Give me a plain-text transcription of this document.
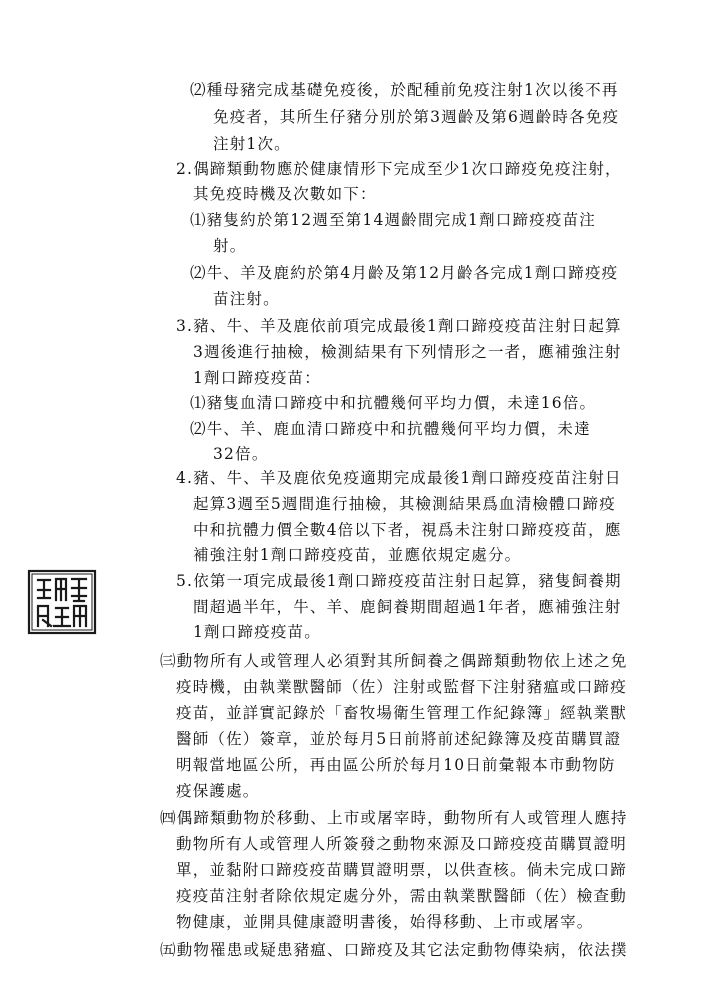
⑵種母豬完成基礎免疫後，於配種前免疫注射1次以後不再
免疫者，其所生仔豬分別於第3週齡及第6週齡時各免疫
注射1次。
2.偶蹄類動物應於健康情形下完成至少1次口蹄疫免疫注射，
其免疫時機及次數如下：
⑴豬隻約於第12週至第14週齡間完成1劑口蹄疫疫苗注
射。
⑵牛、羊及鹿約於第4月齡及第12月齡各完成1劑口蹄疫疫
苗注射。
3.豬、牛、羊及鹿依前項完成最後1劑口蹄疫疫苗注射日起算
3週後進行抽檢，檢測結果有下列情形之一者，應補強注射
1劑口蹄疫疫苗：
⑴豬隻血清口蹄疫中和抗體幾何平均力價，未達16倍。
⑵牛、羊、鹿血清口蹄疫中和抗體幾何平均力價，未達
32倍。
4.豬、牛、羊及鹿依免疫適期完成最後1劑口蹄疫疫苗注射日
起算3週至5週間進行抽檢，其檢測結果爲血清檢體口蹄疫
中和抗體力價全數4倍以下者，視爲未注射口蹄疫疫苗，應
補強注射1劑口蹄疫疫苗，並應依規定處分。
5.依第一項完成最後1劑口蹄疫疫苗注射日起算，豬隻飼養期
間超過半年，牛、羊、鹿飼養期間超過1年者，應補強注射
1劑口蹄疫疫苗。
㈢動物所有人或管理人必須對其所飼養之偶蹄類動物依上述之免
疫時機，由執業獸醫師（佐）注射或監督下注射豬瘟或口蹄疫
疫苗，並詳實記錄於「畜牧場衛生管理工作紀錄簿」經執業獸
醫師（佐）簽章，並於每月5日前將前述紀錄簿及疫苗購買證
明報當地區公所，再由區公所於每月10日前彙報本市動物防
疫保護處。
㈣偶蹄類動物於移動、上市或屠宰時，動物所有人或管理人應持
動物所有人或管理人所簽發之動物來源及口蹄疫疫苗購買證明
單，並黏附口蹄疫疫苗購買證明票，以供查核。倘未完成口蹄
疫疫苗注射者除依規定處分外，需由執業獸醫師（佐）檢查動
物健康，並開具健康證明書後，始得移動、上市或屠宰。
㈤動物罹患或疑患豬瘟、口蹄疫及其它法定動物傳染病，依法撲
